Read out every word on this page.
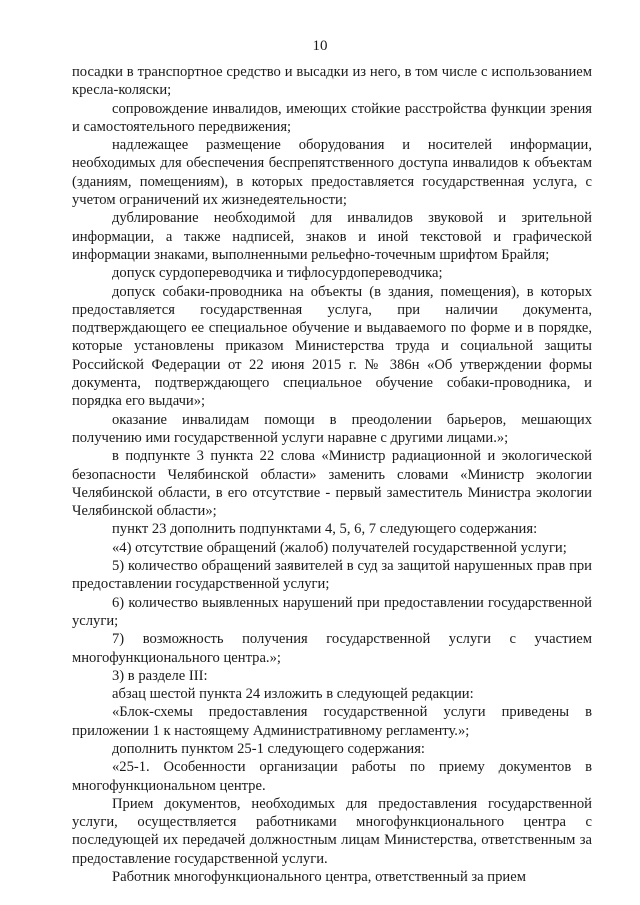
10

посадки в транспортное средство и высадки из него, в том числе с использованием кресла-коляски;

сопровождение инвалидов, имеющих стойкие расстройства функции зрения и самостоятельного передвижения;

надлежащее размещение оборудования и носителей информации, необходимых для обеспечения беспрепятственного доступа инвалидов к объектам (зданиям, помещениям), в которых предоставляется государственная услуга, с учетом ограничений их жизнедеятельности;

дублирование необходимой для инвалидов звуковой и зрительной информации, а также надписей, знаков и иной текстовой и графической информации знаками, выполненными рельефно-точечным шрифтом Брайля;

допуск сурдопереводчика и тифлосурдопереводчика;

допуск собаки-проводника на объекты (в здания, помещения), в которых предоставляется государственная услуга, при наличии документа, подтверждающего ее специальное обучение и выдаваемого по форме и в порядке, которые установлены приказом Министерства труда и социальной защиты Российской Федерации от 22 июня 2015 г. № 386н «Об утверждении формы документа, подтверждающего специальное обучение собаки-проводника, и порядка его выдачи»;

оказание инвалидам помощи в преодолении барьеров, мешающих получению ими государственной услуги наравне с другими лицами.»;

в подпункте 3 пункта 22 слова «Министр радиационной и экологической безопасности Челябинской области» заменить словами «Министр экологии Челябинской области, в его отсутствие - первый заместитель Министра экологии Челябинской области»;

пункт 23 дополнить подпунктами 4, 5, 6, 7 следующего содержания:

«4) отсутствие обращений (жалоб) получателей государственной услуги;

5) количество обращений заявителей в суд за защитой нарушенных прав при предоставлении государственной услуги;

6) количество выявленных нарушений при предоставлении государственной услуги;

7) возможность получения государственной услуги с участием многофункционального центра.»;

3) в разделе III:

абзац шестой пункта 24 изложить в следующей редакции:

«Блок-схемы предоставления государственной услуги приведены в приложении 1 к настоящему Административному регламенту.»;

дополнить пунктом 25-1 следующего содержания:

«25-1. Особенности организации работы по приему документов в многофункциональном центре.

Прием документов, необходимых для предоставления государственной услуги, осуществляется работниками многофункционального центра с последующей их передачей должностным лицам Министерства, ответственным за предоставление государственной услуги.

Работник многофункционального центра, ответственный за прием
